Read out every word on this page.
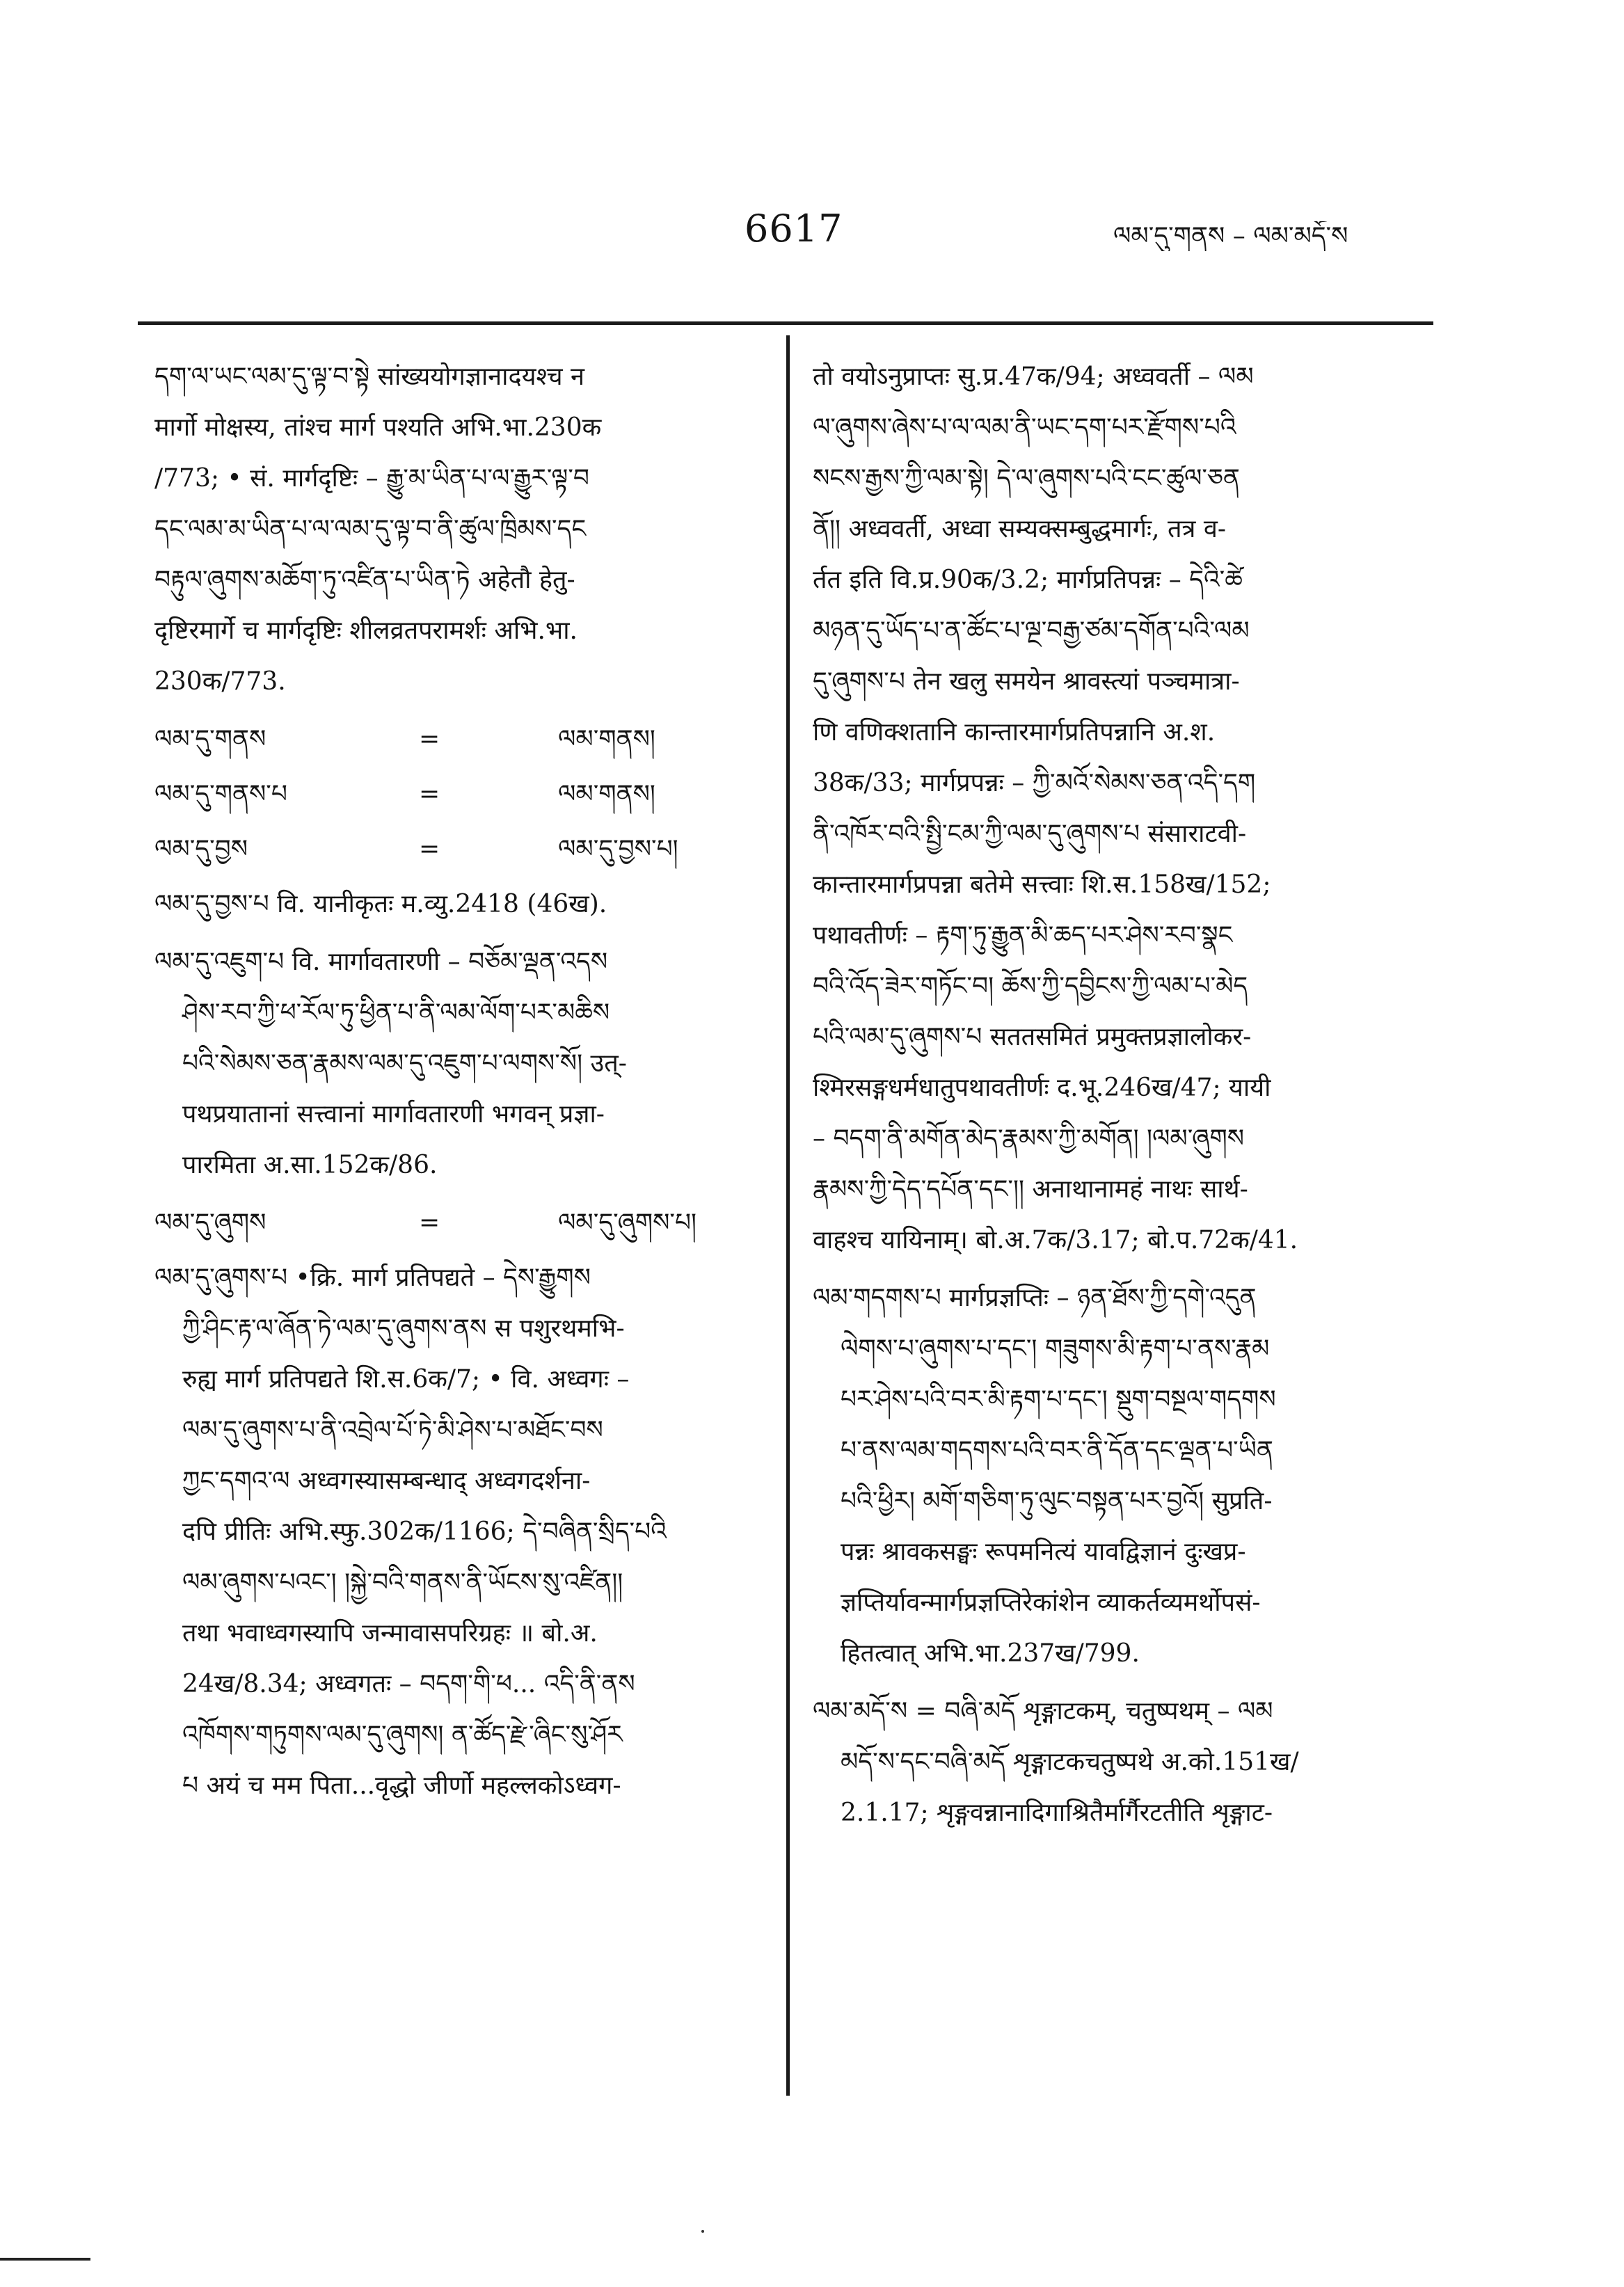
6617	ལམ་དུ་གནས – ལམ་མདོ་ས
དག་ལ་ཡང་ལམ་དུ་ལྟ་བ་སྟེ सांख्ययोगज्ञानादयश्च न
मार्गो मोक्षस्य, तांश्च मार्ग पश्यति अभि.भा.230क
/773; • सं. मार्गदृष्टिः – རྒྱུ་མ་ཡིན་པ་ལ་རྒྱུར་ལྟ་བ
དང་ལམ་མ་ཡིན་པ་ལ་ལམ་དུ་ལྟ་བ་ནི་ཚུལ་ཁྲིམས་དང
བརྟུལ་ཞུགས་མཆོག་ཏུ་འཛིན་པ་ཡིན་ཏེ अहेतौ हेतु-
दृष्टिरमार्गे च मार्गदृष्टिः शीलव्रतपरामर्शः अभि.भा.
230क/773.
ལམ་དུ་གནས	=	ལམ་གནས།
ལམ་དུ་གནས་པ	=	ལམ་གནས།
ལམ་དུ་བྱས	=	ལམ་དུ་བྱས་པ།
ལམ་དུ་བྱས་པ वि. यानीकृतः म.व्यु.2418 (46ख).
ལམ་དུ་འཇུག་པ वि. मार्गावतारणी – བཅོམ་ལྡན་འདས
ཤེས་རབ་ཀྱི་ཕ་རོལ་ཏུ་ཕྱིན་པ་ནི་ལམ་ལོག་པར་མཆིས
པའི་སེམས་ཅན་རྣམས་ལམ་དུ་འཇུག་པ་ལགས་སོ། उत्-
पथप्रयातानां सत्त्वानां मार्गावतारणी भगवन् प्रज्ञा-
पारमिता अ.सा.152क/86.
ལམ་དུ་ཞུགས	=	ལམ་དུ་ཞུགས་པ།
ལམ་དུ་ཞུགས་པ •क्रि. मार्ग प्रतिपद्यते – དེས་རྒྱུགས
ཀྱི་ཤིང་རྟ་ལ་ཞོན་ཏེ་ལམ་དུ་ཞུགས་ནས स पशुरथमभि-
रुह्य मार्ग प्रतिपद्यते शि.स.6क/7; • वि. अध्वगः –
ལམ་དུ་ཞུགས་པ་ནི་འབྲེལ་པོ་ཏེ་མི་ཤེས་པ་མཐོང་བས
ཀྱང་དགའ་ལ अध्वगस्यासम्बन्धाद् अध्वगदर्शना-
दपि प्रीतिः अभि.स्फु.302क/1166; དེ་བཞིན་སྲིད་པའི
ལམ་ཞུགས་པའང་། །སྐྱེ་བའི་གནས་ནི་ཡོངས་སུ་འཛིན།།
तथा भवाध्वगस्यापि जन्मावासपरिग्रहः ॥ बो.अ.
24ख/8.34; अध्वगतः – བདག་གི་ཕ... འདི་ནི་ནས
འཁོགས་གཏུགས་ལམ་དུ་ཞུགས། ན་ཚོད་རྫེ་ཞིང་སུ་ཤོར
པ अयं च मम पिता...वृद्धो जीर्णो महल्लकोऽध्वग-
तो वयोऽनुप्राप्तः सु.प्र.47क/94; अध्ववर्ती – ལམ
ལ་ཞུགས་ཞེས་པ་ལ་ལམ་ནི་ཡང་དག་པར་རྫོགས་པའི
སངས་རྒྱས་ཀྱི་ལམ་སྟེ། དེ་ལ་ཞུགས་པའི་ངང་ཚུལ་ཅན
ནོ།། अध्ववर्ती, अध्वा सम्यक्सम्बुद्धमार्गः, तत्र व-
र्तत इति वि.प्र.90क/3.2; मार्गप्रतिपन्नः – དེའི་ཚེ
མཉན་དུ་ཡོད་པ་ན་ཚོང་པ་ལྔ་བརྒྱ་ཙམ་དགོན་པའི་ལམ
དུ་ཞུགས་པ तेन खलु समयेन श्रावस्त्यां पञ्चमात्रा-
णि वणिक्शतानि कान्तारमार्गप्रतिपन्नानि अ.श.
38क/33; मार्गप्रपन्नः – ཀྱི་མའོ་སེམས་ཅན་འདི་དག
ནི་འཁོར་བའི་སྤྱི་ངམ་ཀྱི་ལམ་དུ་ཞུགས་པ संसाराटवी-
कान्तारमार्गप्रपन्ना बतेमे सत्त्वाः शि.स.158ख/152;
पथावतीर्णः – རྟག་ཏུ་རྒྱུན་མི་ཆད་པར་ཤེས་རབ་སྣང
བའི་འོད་ཟེར་གཏོང་བ། ཆོས་ཀྱི་དབྱིངས་ཀྱི་ལམ་པ་མེད
པའི་ལམ་དུ་ཞུགས་པ सततसमितं प्रमुक्तप्रज्ञालोकर-
श्मिरसङ्गधर्मधातुपथावतीर्णः द.भू.246ख/47; यायी
– བདག་ནི་མགོན་མེད་རྣམས་ཀྱི་མགོན། །ལམ་ཞུགས
རྣམས་ཀྱི་དེད་དཔོན་དང་།། अनाथानामहं नाथः सार्थ-
वाहश्च यायिनाम्। बो.अ.7क/3.17; बो.प.72क/41.
ལམ་གདགས་པ मार्गप्रज्ञप्तिः – ཉན་ཐོས་ཀྱི་དགེ་འདུན
ལེགས་པ་ཞུགས་པ་དང་། གཟུགས་མི་རྟག་པ་ནས་རྣམ
པར་ཤེས་པའི་བར་མི་རྟག་པ་དང་། སྡུག་བསྔལ་གདགས
པ་ནས་ལམ་གདགས་པའི་བར་ནི་དོན་དང་ལྡན་པ་ཡིན
པའི་ཕྱིར། མགོ་གཅིག་ཏུ་ལུང་བསྟན་པར་བྱའོ། सुप्रति-
पन्नः श्रावकसङ्घः रूपमनित्यं यावद्विज्ञानं दुःखप्र-
ज्ञप्तिर्यावन्मार्गप्रज्ञप्तिरेकांशेन व्याकर्तव्यमर्थोपसं-
हितत्वात् अभि.भा.237ख/799.
ལམ་མདོ་ས = བཞི་མདོ शृङ्गाटकम्, चतुष्पथम् – ལམ
མདོ་ས་དང་བཞི་མདོ शृङ्गाटकचतुष्पथे अ.को.151ख/
2.1.17; शृङ्गवन्नानादिगाश्रितैर्मार्गैरटतीति शृङ्गाट-
